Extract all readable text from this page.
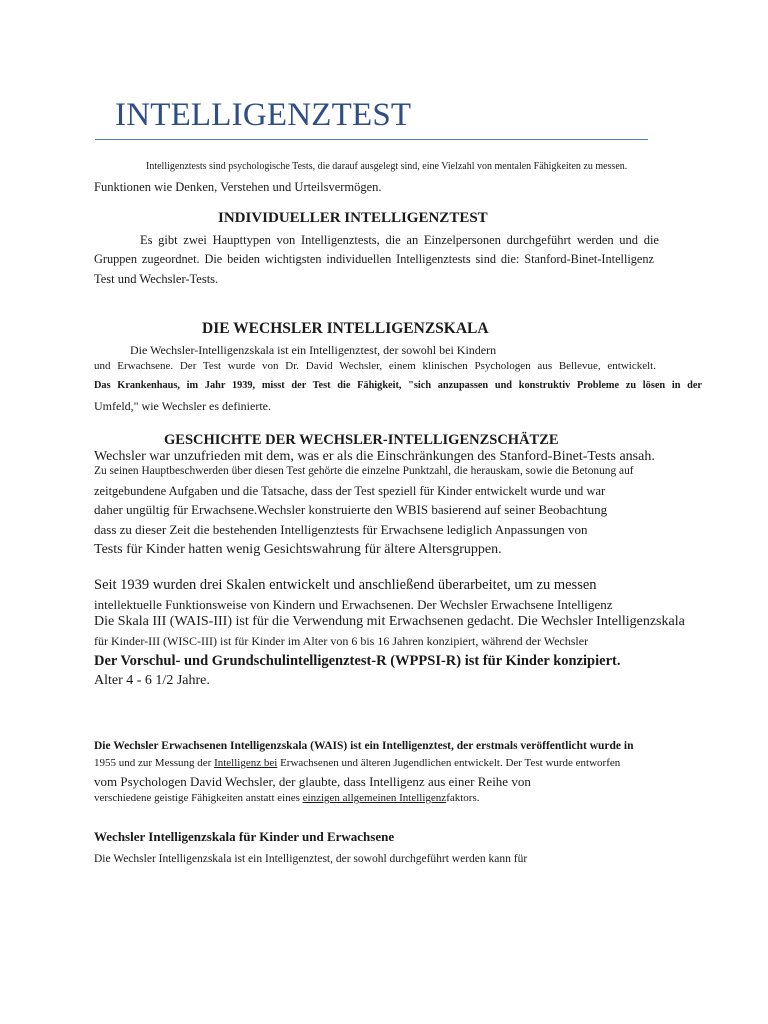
INTELLIGENZTEST
Intelligenztests sind psychologische Tests, die darauf ausgelegt sind, eine Vielzahl von mentalen Fähigkeiten zu messen.
Funktionen wie Denken, Verstehen und Urteilsvermögen.
INDIVIDUELLER INTELLIGENZTEST
Es gibt zwei Haupttypen von Intelligenztests, die an Einzelpersonen durchgeführt werden und die
Gruppen zugeordnet. Die beiden wichtigsten individuellen Intelligenztests sind die: Stanford-Binet-Intelligenz
Test und Wechsler-Tests.
DIE WECHSLER INTELLIGENZSKALA
Die Wechsler-Intelligenzskala ist ein Intelligenztest, der sowohl bei Kindern
und Erwachsene. Der Test wurde von Dr. David Wechsler, einem klinischen Psychologen aus Bellevue, entwickelt.
Das Krankenhaus, im Jahr 1939, misst der Test die Fähigkeit, "sich anzupassen und konstruktiv Probleme zu lösen in der
Umfeld," wie Wechsler es definierte.
GESCHICHTE DER WECHSLER-INTELLIGENZSCHÄTZE
Wechsler war unzufrieden mit dem, was er als die Einschränkungen des Stanford-Binet-Tests ansah.
Zu seinen Hauptbeschwerden über diesen Test gehörte die einzelne Punktzahl, die herauskam, sowie die Betonung auf
zeitgebundene Aufgaben und die Tatsache, dass der Test speziell für Kinder entwickelt wurde und war
daher ungültig für Erwachsene.Wechsler konstruierte den WBIS basierend auf seiner Beobachtung
dass zu dieser Zeit die bestehenden Intelligenztests für Erwachsene lediglich Anpassungen von
Tests für Kinder hatten wenig Gesichtswahrung für ältere Altersgruppen.
Seit 1939 wurden drei Skalen entwickelt und anschließend überarbeitet, um zu messen
intellektuelle Funktionsweise von Kindern und Erwachsenen. Der Wechsler Erwachsene Intelligenz
Die Skala III (WAIS-III) ist für die Verwendung mit Erwachsenen gedacht. Die Wechsler Intelligenzskala
für Kinder-III (WISC-III) ist für Kinder im Alter von 6 bis 16 Jahren konzipiert, während der Wechsler
Der Vorschul- und Grundschulintelligenztest-R (WPPSI-R) ist für Kinder konzipiert.
Alter 4 - 6 1/2 Jahre.
Die Wechsler Erwachsenen Intelligenzskala (WAIS) ist ein Intelligenztest, der erstmals veröffentlicht wurde in
1955 und zur Messung der Intelligenz bei Erwachsenen und älteren Jugendlichen entwickelt. Der Test wurde entworfen
vom Psychologen David Wechsler, der glaubte, dass Intelligenz aus einer Reihe von
verschiedene geistige Fähigkeiten anstatt eines einzigen allgemeinen Intelligenzfaktors.
Wechsler Intelligenzskala für Kinder und Erwachsene
Die Wechsler Intelligenzskala ist ein Intelligenztest, der sowohl durchgeführt werden kann für
